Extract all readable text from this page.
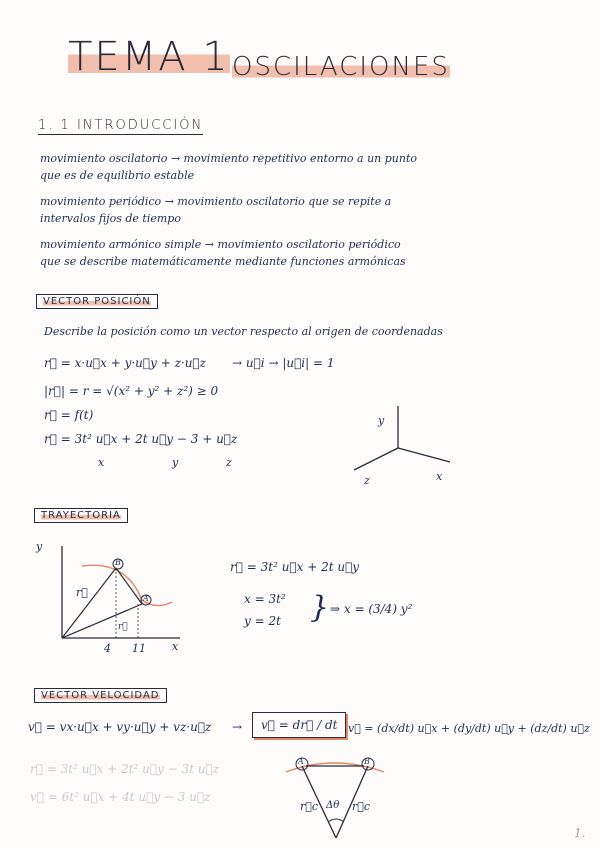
TEMA 1 OSCILACIONES
1. 1 INTRODUCCIÓN
movimiento oscilatorio → movimiento repetitivo entorno a un punto
que es de equilibrio estable
movimiento periódico → movimiento oscilatorio que se repite a
intervalos fijos de tiempo
movimiento armónico simple → movimiento oscilatorio periódico
que se describe matemáticamente mediante funciones armónicas
VECTOR POSICIÓN
Describe la posición como un vector respecto al origen de coordenadas
r⃗ = x·u⃗x + y·u⃗y + z·u⃗z → u⃗i → |u⃗i| = 1
|r⃗| = r = √(x² + y² + z²) ≥ 0
r⃗ = f(t)
r⃗ = 3t² u⃗x + 2t u⃗y − 3 + u⃗z
x	y	z
y
z	x
TRAYECTORIA
y
x
B
A
r⃗
r⃗
4 11
r⃗ = 3t² u⃗x + 2t u⃗y
x = 3t²
y = 2t } ⇒ x = (3/4) y²
VECTOR VELOCIDAD
v⃗ = vx·u⃗x + vy·u⃗y + vz·u⃗z →	v⃗ = dr⃗ / dt v⃗ = (dx/dt) u⃗x + (dy/dt) u⃗y + (dz/dt) u⃗z
r⃗ = 3t² u⃗x + 2t² u⃗y − 3t u⃗z
v⃗ = 6t² u⃗x + 4t u⃗y − 3 u⃗z
A	B
Δθ
r⃗c	r⃗c
1.
